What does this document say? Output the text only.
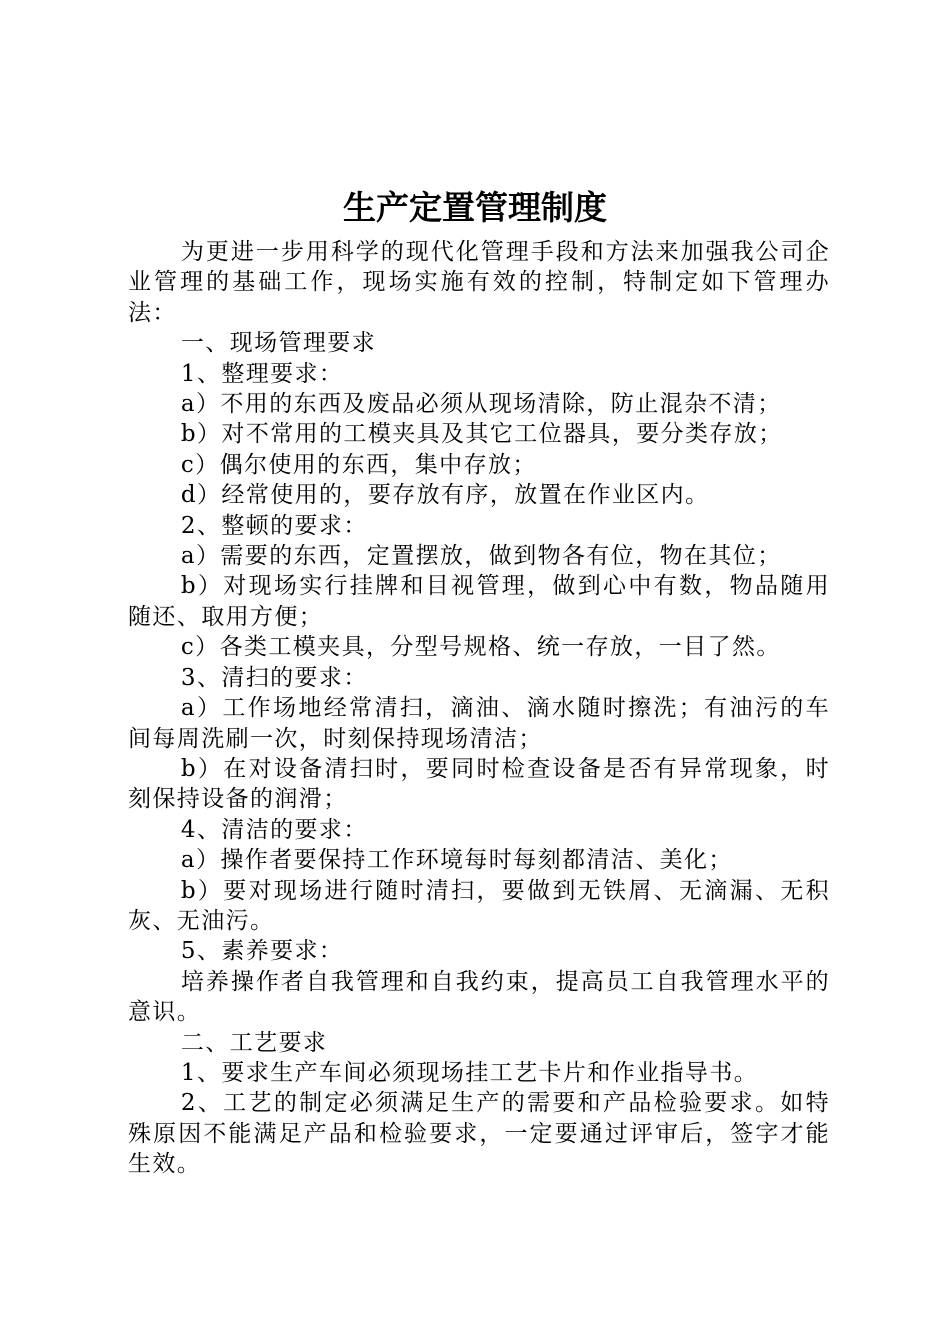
生产定置管理制度

为更进一步用科学的现代化管理手段和方法来加强我公司企业管理的基础工作，现场实施有效的控制，特制定如下管理办法：

一、现场管理要求

1、整理要求：

a）不用的东西及废品必须从现场清除，防止混杂不清；

b）对不常用的工模夹具及其它工位器具，要分类存放；

c）偶尔使用的东西，集中存放；

d）经常使用的，要存放有序，放置在作业区内。

2、整顿的要求：

a）需要的东西，定置摆放，做到物各有位，物在其位；

b）对现场实行挂牌和目视管理，做到心中有数，物品随用随还、取用方便；

c）各类工模夹具，分型号规格、统一存放，一目了然。

3、清扫的要求：

a）工作场地经常清扫，滴油、滴水随时擦洗；有油污的车间每周洗刷一次，时刻保持现场清洁；

b）在对设备清扫时，要同时检查设备是否有异常现象，时刻保持设备的润滑；

4、清洁的要求：

a）操作者要保持工作环境每时每刻都清洁、美化；

b）要对现场进行随时清扫，要做到无铁屑、无滴漏、无积灰、无油污。

5、素养要求：

培养操作者自我管理和自我约束，提高员工自我管理水平的意识。

二、工艺要求

1、要求生产车间必须现场挂工艺卡片和作业指导书。

2、工艺的制定必须满足生产的需要和产品检验要求。如特殊原因不能满足产品和检验要求，一定要通过评审后，签字才能生效。
